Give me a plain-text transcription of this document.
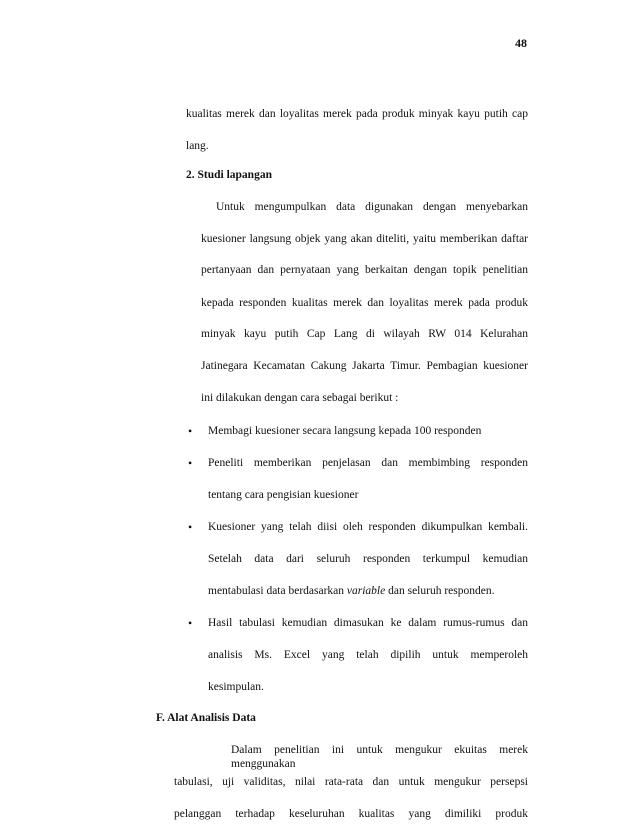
48
kualitas merek dan loyalitas merek pada produk minyak kayu putih cap
lang.
2. Studi lapangan
Untuk mengumpulkan data digunakan dengan menyebarkan
kuesioner langsung objek yang akan diteliti, yaitu memberikan daftar
pertanyaan dan pernyataan yang berkaitan dengan topik penelitian
kepada responden kualitas merek dan loyalitas merek pada produk
minyak kayu putih Cap Lang di wilayah RW 014 Kelurahan
Jatinegara Kecamatan Cakung Jakarta Timur. Pembagian kuesioner
ini dilakukan dengan cara sebagai berikut :
• Membagi kuesioner secara langsung kepada 100 responden
• Peneliti memberikan penjelasan dan membimbing responden
tentang cara pengisian kuesioner
• Kuesioner yang telah diisi oleh responden dikumpulkan kembali.
Setelah data dari seluruh responden terkumpul kemudian
mentabulasi data berdasarkan variable dan seluruh responden.
• Hasil tabulasi kemudian dimasukan ke dalam rumus-rumus dan
analisis Ms. Excel yang telah dipilih untuk memperoleh
kesimpulan.
F. Alat Analisis Data
Dalam penelitian ini untuk mengukur ekuitas merek menggunakan
tabulasi, uji validitas, nilai rata-rata dan untuk mengukur persepsi
pelanggan terhadap keseluruhan kualitas yang dimiliki produk
